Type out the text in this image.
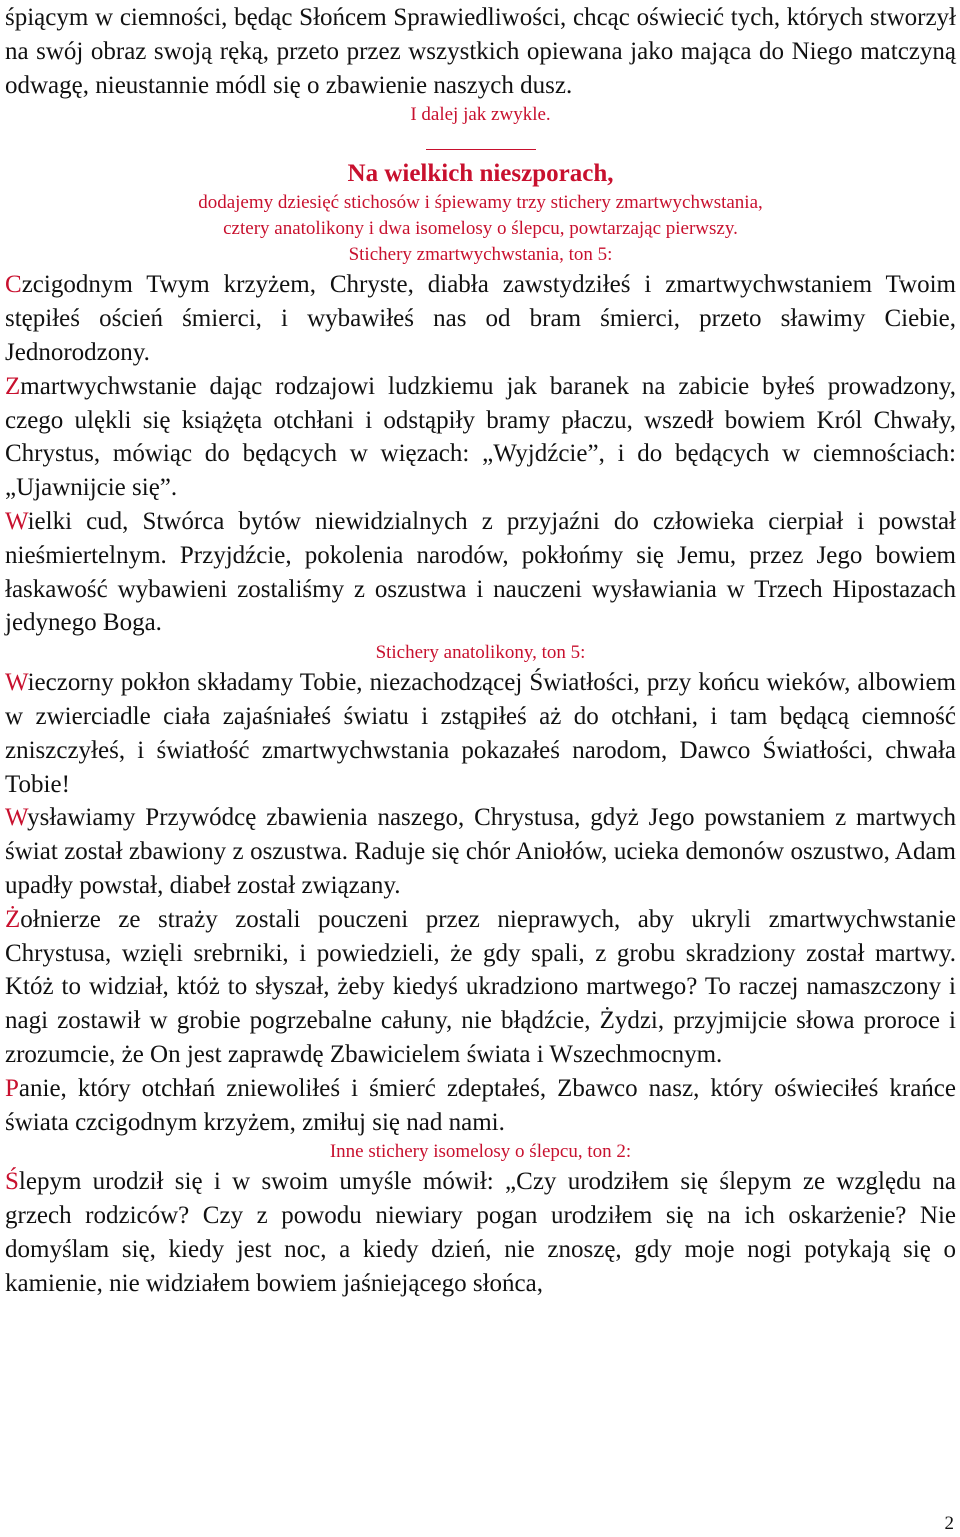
śpiącym w ciemności, będąc Słońcem Sprawiedliwości, chcąc oświecić tych, których stworzył na swój obraz swoją ręką, przeto przez wszystkich opiewana jako mająca do Niego matczyną odwagę, nieustannie módl się o zbawienie naszych dusz.

I dalej jak zwykle.

Na wielkich nieszporach,

dodajemy dziesięć stichosów i śpiewamy trzy stichery zmartwychwstania,

cztery anatolikony i dwa isomelosy o ślepcu, powtarzając pierwszy.

Stichery zmartwychwstania, ton 5:

Czcigodnym Twym krzyżem, Chryste, diabła zawstydziłeś i zmartwychwstaniem Twoim stępiłeś oścień śmierci, i wybawiłeś nas od bram śmierci, przeto sławimy Ciebie, Jednorodzony.

Zmartwychwstanie dając rodzajowi ludzkiemu jak baranek na zabicie byłeś prowadzony, czego ulękli się książęta otchłani i odstąpiły bramy płaczu, wszedł bowiem Król Chwały, Chrystus, mówiąc do będących w więzach: „Wyjdźcie”, i do będących w ciemnościach: „Ujawnijcie się”.

Wielki cud, Stwórca bytów niewidzialnych z przyjaźni do człowieka cierpiał i powstał nieśmiertelnym. Przyjdźcie, pokolenia narodów, pokłońmy się Jemu, przez Jego bowiem łaskawość wybawieni zostaliśmy z oszustwa i nauczeni wysławiania w Trzech Hipostazach jedynego Boga.

Stichery anatolikony, ton 5:

Wieczorny pokłon składamy Tobie, niezachodzącej Światłości, przy końcu wieków, albowiem w zwierciadle ciała zajaśniałeś światu i zstąpiłeś aż do otchłani, i tam będącą ciemność zniszczyłeś, i światłość zmartwychwstania pokazałeś narodom, Dawco Światłości, chwała Tobie!

Wysławiamy Przywódcę zbawienia naszego, Chrystusa, gdyż Jego powstaniem z martwych świat został zbawiony z oszustwa. Raduje się chór Aniołów, ucieka demonów oszustwo, Adam upadły powstał, diabeł został związany.

Żołnierze ze straży zostali pouczeni przez nieprawych, aby ukryli zmartwychwstanie Chrystusa, wzięli srebrniki, i powiedzieli, że gdy spali, z grobu skradziony został martwy. Któż to widział, któż to słyszał, żeby kiedyś ukradziono martwego? To raczej namaszczony i nagi zostawił w grobie pogrzebalne całuny, nie błądźcie, Żydzi, przyjmijcie słowa proroce i zrozumcie, że On jest zaprawdę Zbawicielem świata i Wszechmocnym.

Panie, który otchłań zniewoliłeś i śmierć zdeptałeś, Zbawco nasz, który oświeciłeś krańce świata czcigodnym krzyżem, zmiłuj się nad nami.

Inne stichery isomelosy o ślepcu, ton 2:

Ślepym urodził się i w swoim umyśle mówił: „Czy urodziłem się ślepym ze względu na grzech rodziców? Czy z powodu niewiary pogan urodziłem się na ich oskarżenie? Nie domyślam się, kiedy jest noc, a kiedy dzień, nie znoszę, gdy moje nogi potykają się o kamienie, nie widziałem bowiem jaśniejącego słońca,

2
